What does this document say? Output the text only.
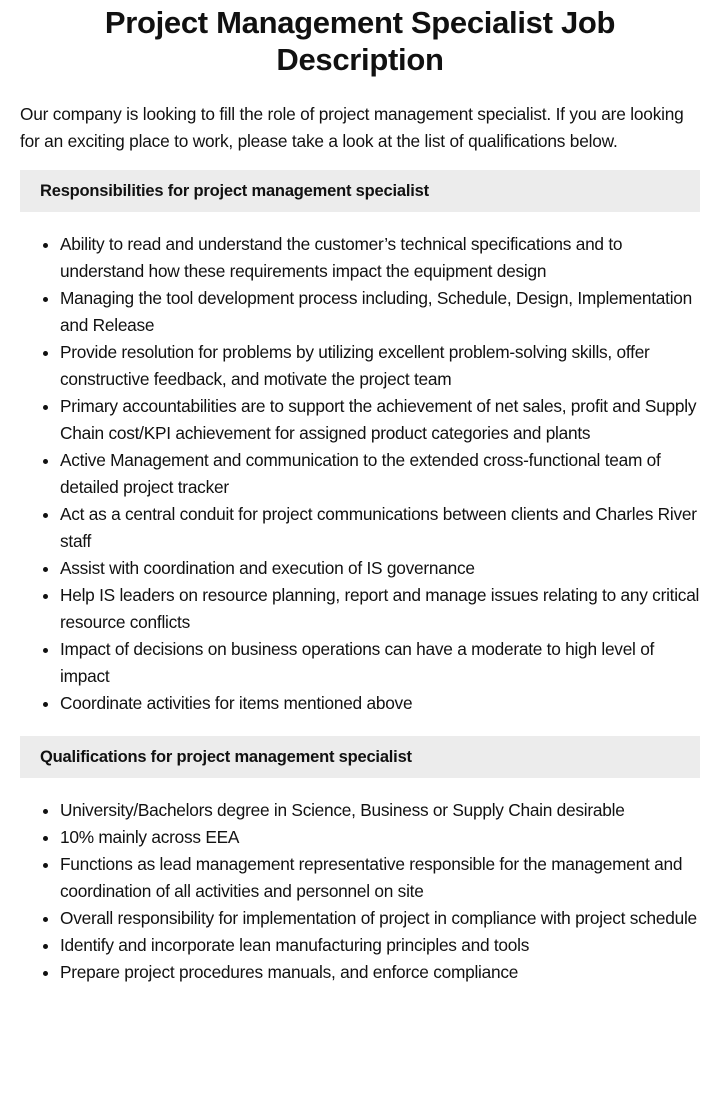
Project Management Specialist Job Description

Our company is looking to fill the role of project management specialist. If you are looking for an exciting place to work, please take a look at the list of qualifications below.

Responsibilities for project management specialist
• Ability to read and understand the customer’s technical specifications and to understand how these requirements impact the equipment design
• Managing the tool development process including, Schedule, Design, Implementation and Release
• Provide resolution for problems by utilizing excellent problem-solving skills, offer constructive feedback, and motivate the project team
• Primary accountabilities are to support the achievement of net sales, profit and Supply Chain cost/KPI achievement for assigned product categories and plants
• Active Management and communication to the extended cross-functional team of detailed project tracker
• Act as a central conduit for project communications between clients and Charles River staff
• Assist with coordination and execution of IS governance
• Help IS leaders on resource planning, report and manage issues relating to any critical resource conflicts
• Impact of decisions on business operations can have a moderate to high level of impact
• Coordinate activities for items mentioned above
Qualifications for project management specialist
• University/Bachelors degree in Science, Business or Supply Chain desirable
• 10% mainly across EEA
• Functions as lead management representative responsible for the management and coordination of all activities and personnel on site
• Overall responsibility for implementation of project in compliance with project schedule
• Identify and incorporate lean manufacturing principles and tools
• Prepare project procedures manuals, and enforce compliance
